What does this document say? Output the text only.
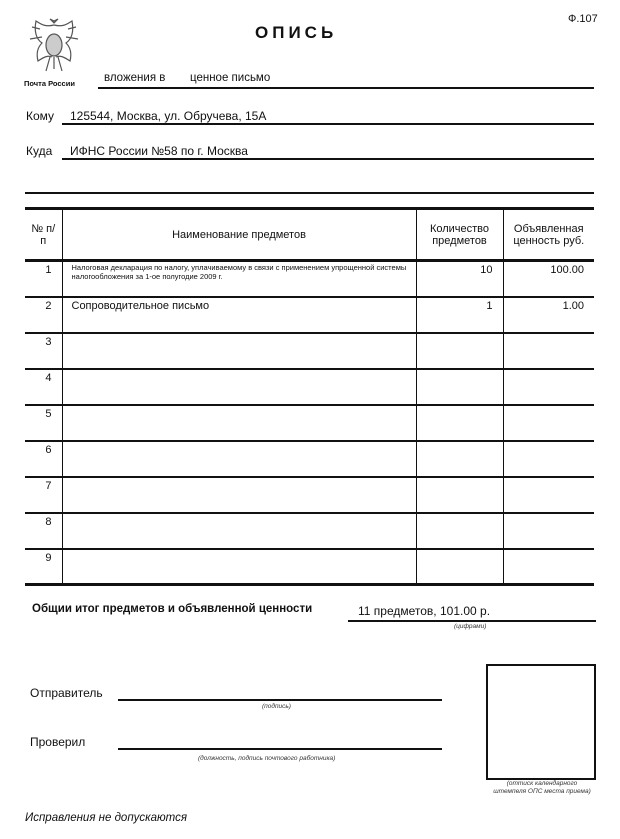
Ф.107
ОПИСЬ
Почта России	вложения в ценное письмо
Кому 125544, Москва, ул. Обручева, 15А
Куда ИФНС России №58 по г. Москва
№ п/п	Наименование предметов	Количество предметов	Объявленная ценность руб.
1	Налоговая декларация по налогу, уплачиваемому в связи с применением упрощенной системы налогообложения за 1-ое полугодие 2009 г.	10	100.00
2	Сопроводительное письмо	1	1.00
3			
4			
5			
6			
7			
8			
9			
Общии итог предметов и объявленной ценности	11 предметов, 101.00 р.
(цифрами)
Отправитель
(подпись)
Проверил
(должность, подпись почтового работника)
(оттиск календарного штемпеля ОПС места приема)
Исправления не допускаются
